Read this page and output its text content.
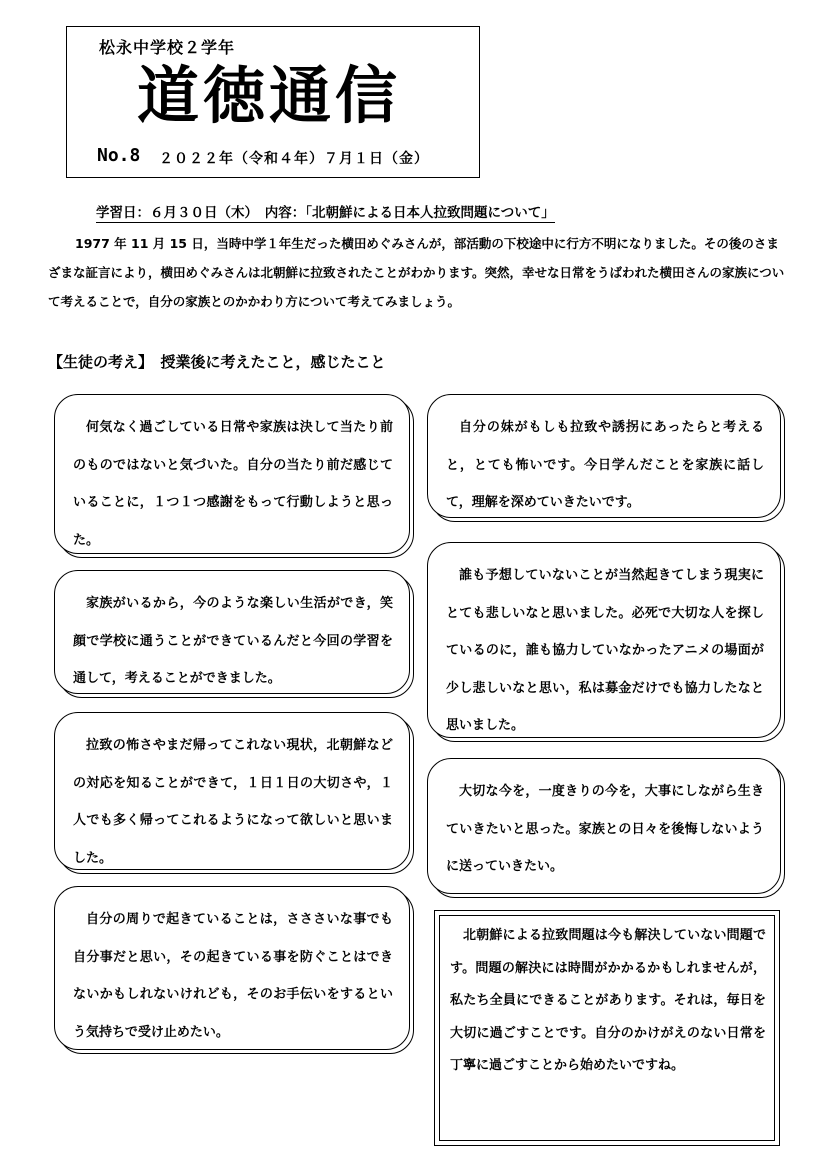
松永中学校２学年
道徳通信
No.8 ２０２２年（令和４年）７月１日（金）
学習日：６月３０日（木）　内容：「北朝鮮による日本人拉致問題について」
1977 年 11 月 15 日，当時中学１年生だった横田めぐみさんが，部活動の下校途中に行方不明になりました。その後のさまざまな証言により，横田めぐみさんは北朝鮮に拉致されたことがわかります。突然，幸せな日常をうばわれた横田さんの家族について考えることで，自分の家族とのかかわり方について考えてみましょう。
【生徒の考え】　授業後に考えたこと，感じたこと
何気なく過ごしている日常や家族は決して当たり前のものではないと気づいた。自分の当たり前だ感じていることに，１つ１つ感謝をもって行動しようと思った。
家族がいるから，今のような楽しい生活ができ，笑顔で学校に通うことができているんだと今回の学習を通して，考えることができました。
拉致の怖さやまだ帰ってこれない現状，北朝鮮などの対応を知ることができて，１日１日の大切さや，１人でも多く帰ってこれるようになって欲しいと思いました。
自分の周りで起きていることは，さささいな事でも自分事だと思い，その起きている事を防ぐことはできないかもしれないけれども，そのお手伝いをするという気持ちで受け止めたい。
自分の妹がもしも拉致や誘拐にあったらと考えると，とても怖いです。今日学んだことを家族に話して，理解を深めていきたいです。
誰も予想していないことが当然起きてしまう現実にとても悲しいなと思いました。必死で大切な人を探しているのに，誰も協力していなかったアニメの場面が少し悲しいなと思い，私は募金だけでも協力したなと思いました。
大切な今を，一度きりの今を，大事にしながら生きていきたいと思った。家族との日々を後悔しないように送っていきたい。
北朝鮮による拉致問題は今も解決していない問題です。問題の解決には時間がかかるかもしれませんが，私たち全員にできることがあります。それは，毎日を大切に過ごすことです。自分のかけがえのない日常を丁寧に過ごすことから始めたいですね。
